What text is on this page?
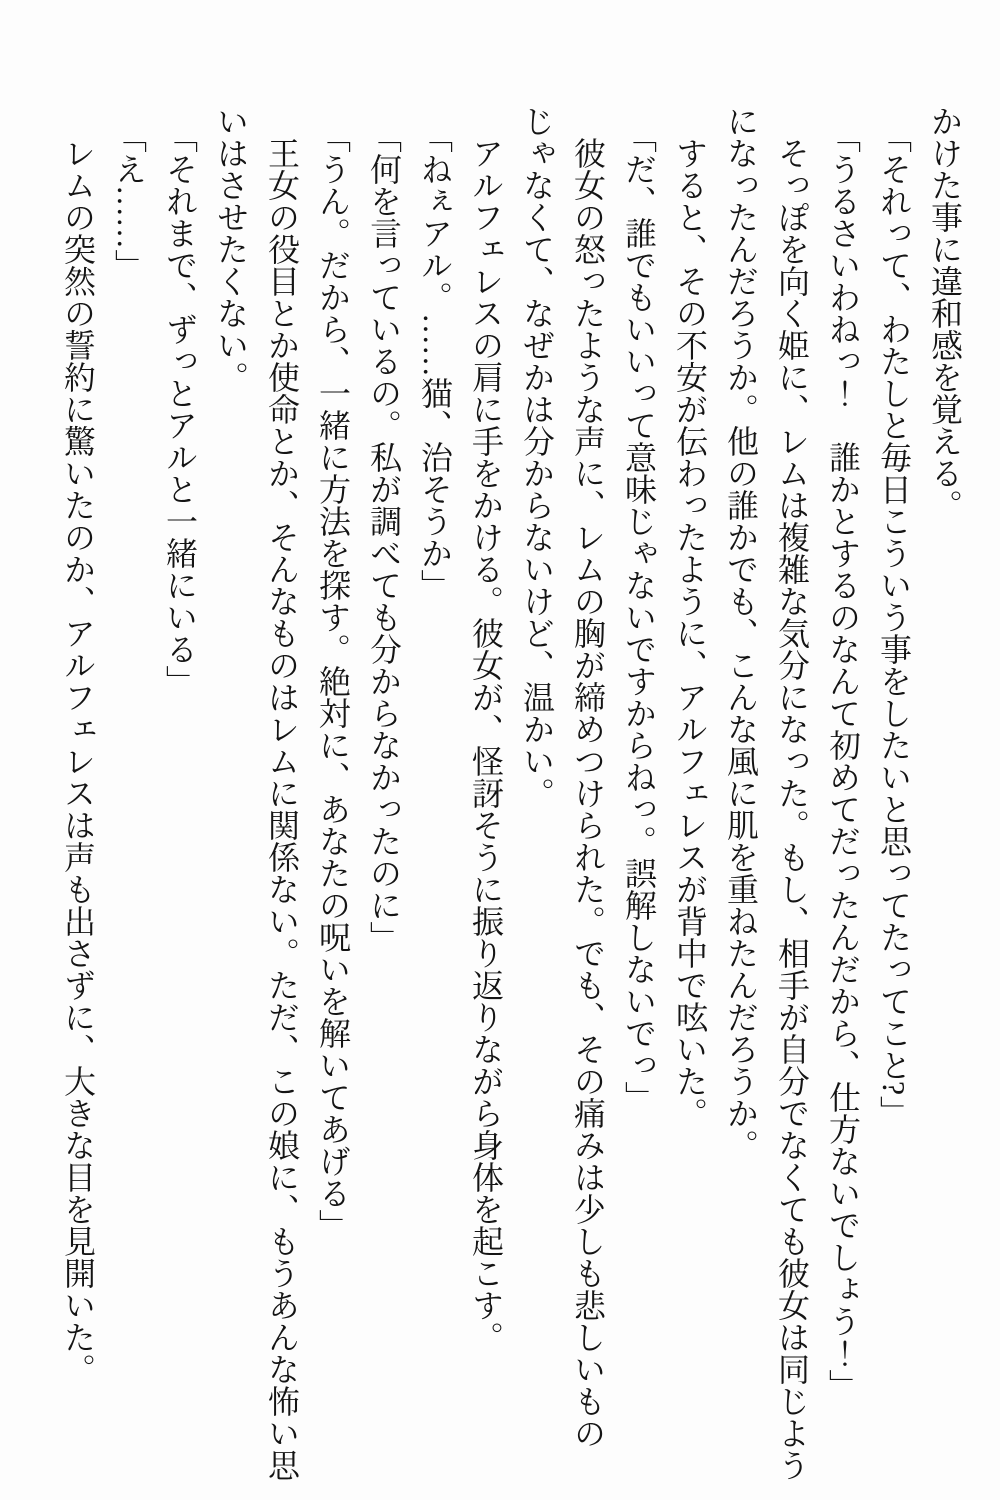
かけた事に違和感を覚える。

「それって、わたしと毎日こういう事をしたいと思ってたってこと?」

「うるさいわねっ！　誰かとするのなんて初めてだったんだから、仕方ないでしょう！」

そっぽを向く姫に、レムは複雑な気分になった。もし、相手が自分でなくても彼女は同じようになったんだろうか。他の誰かでも、こんな風に肌を重ねたんだろうか。

すると、その不安が伝わったように、アルフェレスが背中で呟いた。

「だ、誰でもいいって意味じゃないですからねっ。誤解しないでっ」

彼女の怒ったような声に、レムの胸が締めつけられた。でも、その痛みは少しも悲しいものじゃなくて、なぜかは分からないけど、温かい。

アルフェレスの肩に手をかける。彼女が、怪訝そうに振り返りながら身体を起こす。

「ねぇアル。……猫、治そうか」

「何を言っているの。私が調べても分からなかったのに」

「うん。だから、一緒に方法を探す。絶対に、あなたの呪いを解いてあげる」

王女の役目とか使命とか、そんなものはレムに関係ない。ただ、この娘に、もうあんな怖い思いはさせたくない。

「それまで、ずっとアルと一緒にいる」

「え……」

レムの突然の誓約に驚いたのか、アルフェレスは声も出さずに、大きな目を見開いた。
